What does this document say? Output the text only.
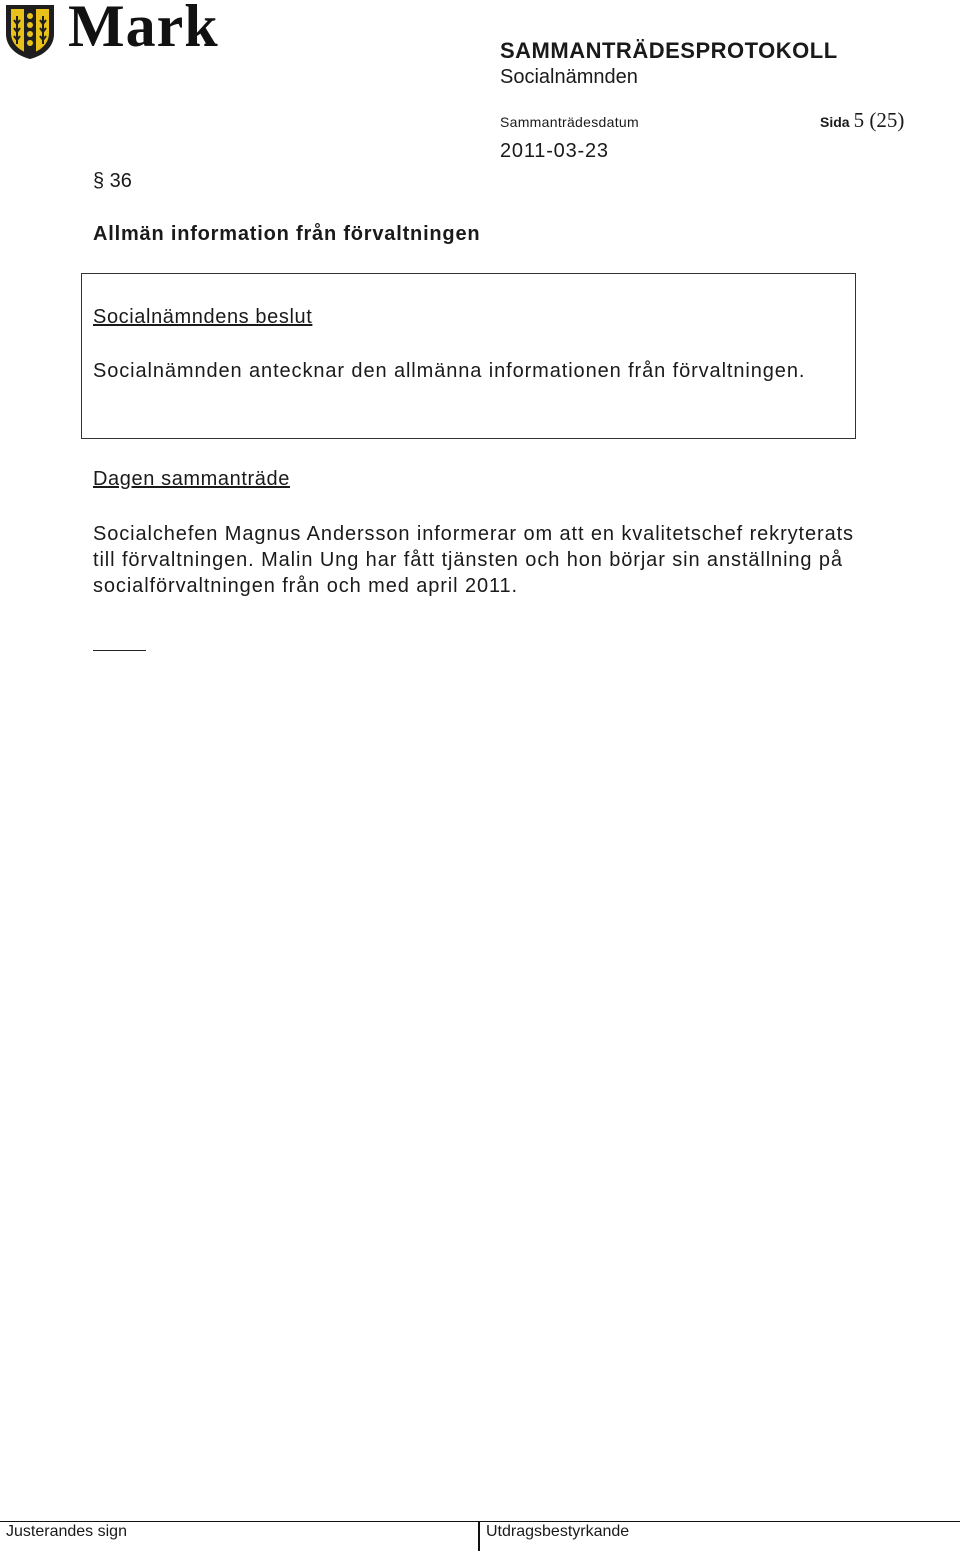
Mark	SAMMANTRÄDESPROTOKOLL
Socialnämnden
Sammanträdesdatum	Sida 5 (25)
2011-03-23
§ 36
Allmän information från förvaltningen
Socialnämndens beslut
Socialnämnden antecknar den allmänna informationen från förvaltningen.
Dagen sammanträde
Socialchefen Magnus Andersson informerar om att en kvalitetschef rekryterats till förvaltningen. Malin Ung har fått tjänsten och hon börjar sin anställning på socialförvaltningen från och med april 2011.
Justerandes sign	Utdragsbestyrkande
